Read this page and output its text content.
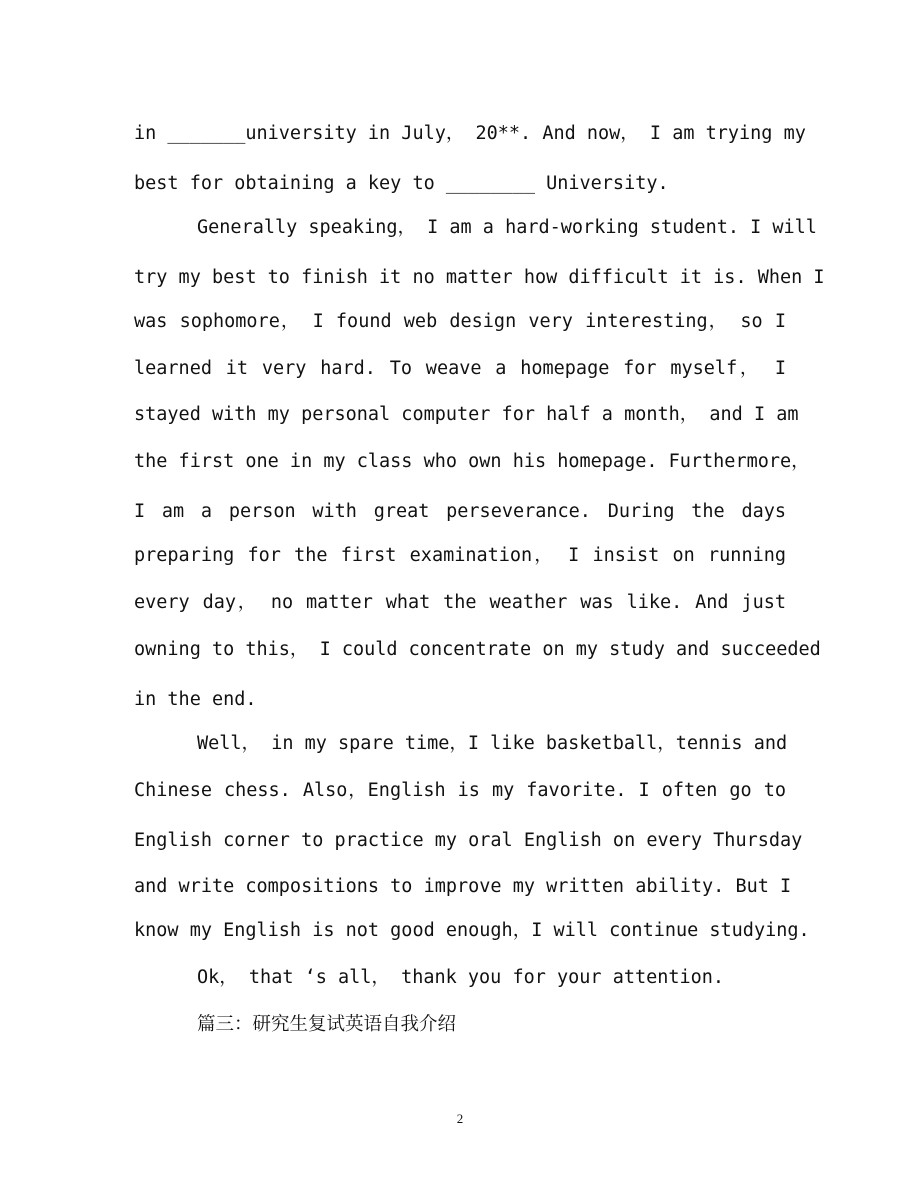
in _______university in July， 20**. And now， I am trying my
best for obtaining a key to ________ University.
Generally speaking， I am a hard-working student. I will
try my best to finish it no matter how difficult it is. When I
was sophomore， I found web design very interesting， so I
learned it very hard. To weave a homepage for myself， I
stayed with my personal computer for half a month， and I am
the first one in my class who own his homepage. Furthermore，
I am a person with great perseverance. During the days
preparing for the first examination， I insist on running
every day， no matter what the weather was like. And just
owning to this， I could concentrate on my study and succeeded
in the end.
Well， in my spare time，I like basketball，tennis and
Chinese chess. Also，English is my favorite. I often go to
English corner to practice my oral English on every Thursday
and write compositions to improve my written ability. But I
know my English is not good enough，I will continue studying.
Ok， that ‘s all， thank you for your attention.
篇三：研究生复试英语自我介绍
2
